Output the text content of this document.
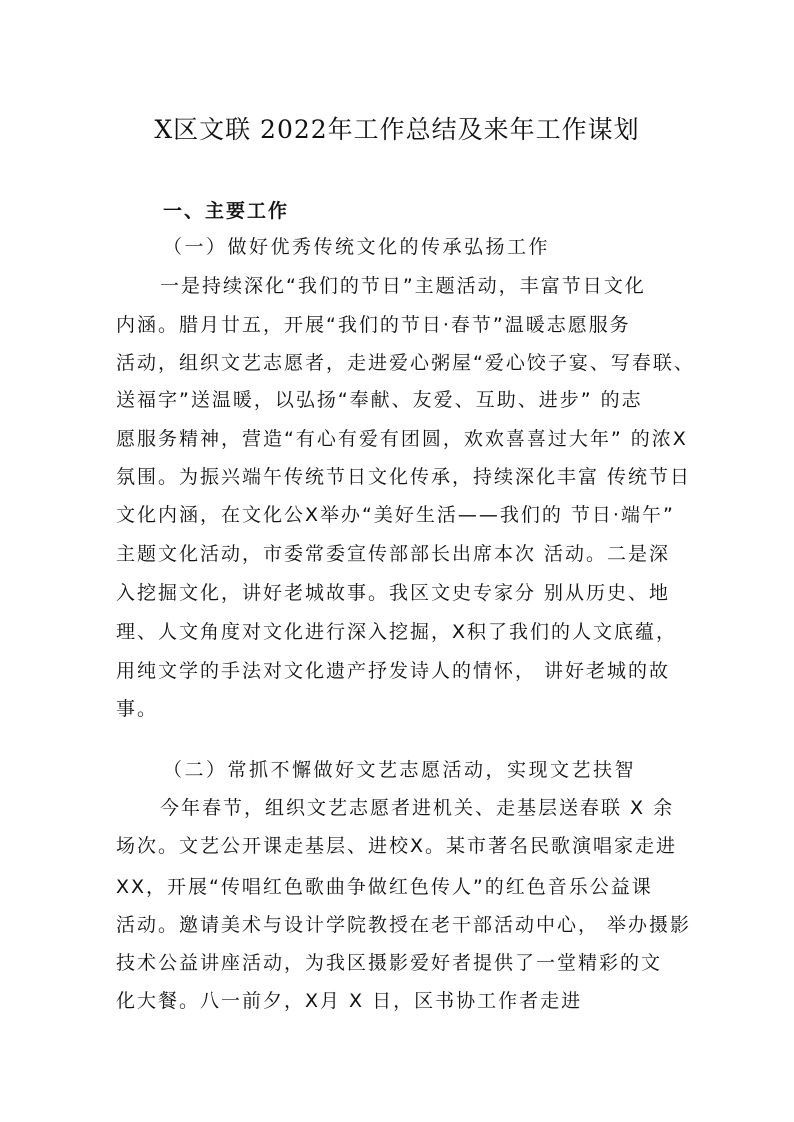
X区文联 2022年工作总结及来年工作谋划
一、主要工作
（一）做好优秀传统文化的传承弘扬工作
一是持续深化“我们的节日”主题活动，丰富节日文化
内涵。腊月廿五，开展“我们的节日·春节”温暖志愿服务
活动，组织文艺志愿者，走进爱心粥屋“爱心饺子宴、写春联、
送福字”送温暖，以弘扬“奉献、友爱、互助、进步” 的志
愿服务精神，营造“有心有爱有团圆，欢欢喜喜过大年” 的浓X
氛围。为振兴端午传统节日文化传承，持续深化丰富 传统节日
文化内涵，在文化公X举办“美好生活——我们的 节日·端午”
主题文化活动，市委常委宣传部部长出席本次 活动。二是深
入挖掘文化，讲好老城故事。我区文史专家分 别从历史、地
理、人文角度对文化进行深入挖掘，X积了我们的人文底蕴，
用纯文学的手法对文化遗产抒发诗人的情怀， 讲好老城的故
事。
（二）常抓不懈做好文艺志愿活动，实现文艺扶智
今年春节，组织文艺志愿者进机关、走基层送春联 X 余
场次。文艺公开课走基层、进校X。某市著名民歌演唱家走进
XX，开展“传唱红色歌曲争做红色传人”的红色音乐公益课
活动。邀请美术与设计学院教授在老干部活动中心， 举办摄影
技术公益讲座活动，为我区摄影爱好者提供了一堂精彩的文
化大餐。八一前夕，X月 X 日，区书协工作者走进
